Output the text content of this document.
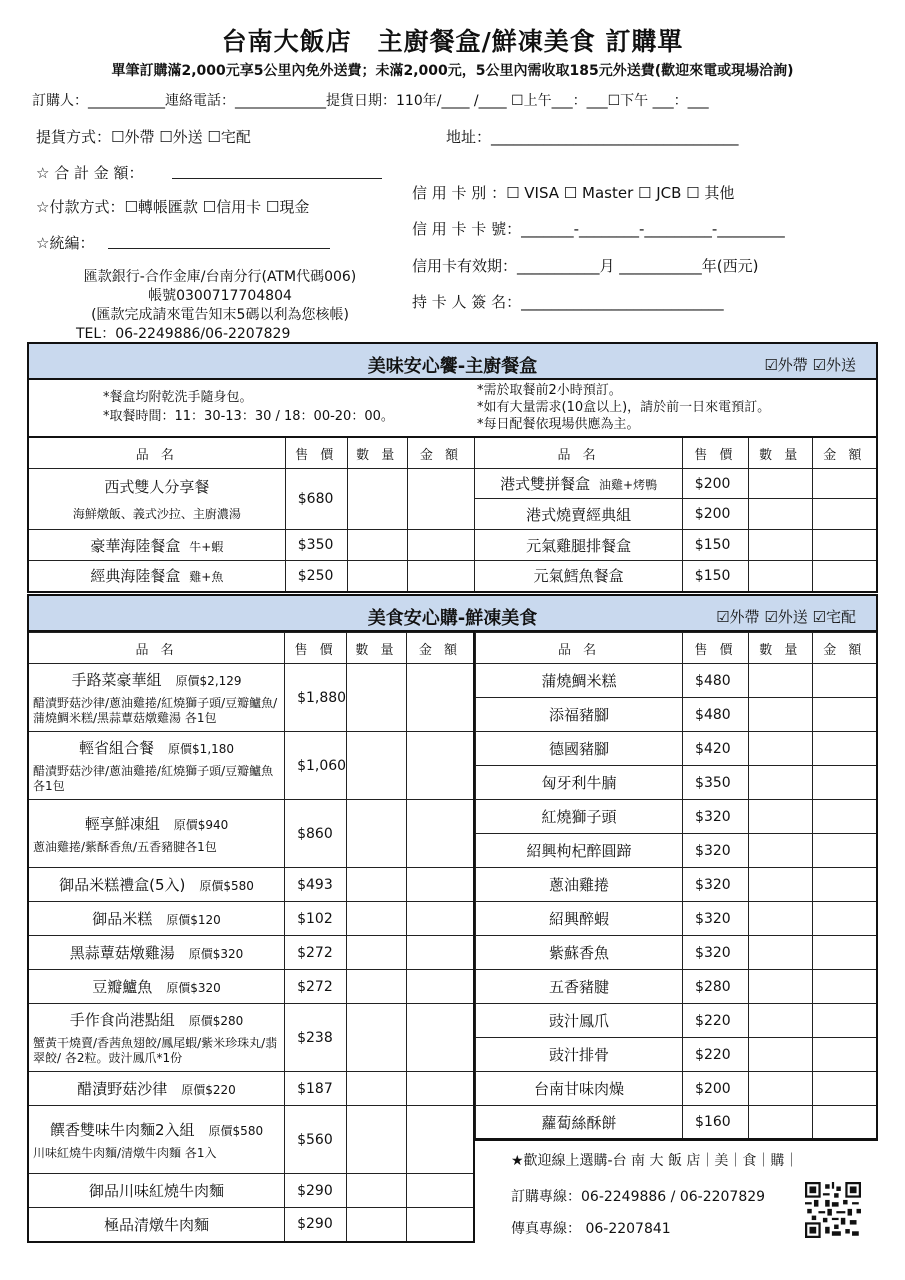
台南大飯店　主廚餐盒/鮮凍美食 訂購單
單筆訂購滿2,000元享5公里內免外送費；未滿2,000元，5公里內需收取185元外送費(歡迎來電或現場洽詢)
訂購人：___________連絡電話：_____________提貨日期：110年/____ /____ ☐上午___：___☐下午 ___：___
提貨方式：☐外帶 ☐外送 ☐宅配	地址：_________________________________
☆ 合 計 金 額：
☆付款方式：☐轉帳匯款 ☐信用卡 ☐現金
☆統編：
信 用 卡 別 ：☐ VISA ☐ Master ☐ JCB ☐ 其他
信 用 卡 卡 號：_______-________-_________-_________
信用卡有效期：___________月 ___________年(西元)
持 卡 人 簽 名：___________________________
匯款銀行-合作金庫/台南分行(ATM代碼006)
帳號0300717704804
(匯款完成請來電告知末5碼以利為您核帳)
TEL：06-2249886/06-2207829
美味安心饗-主廚餐盒	☑外帶 ☑外送
*餐盒均附乾洗手隨身包。
*取餐時間：11：30-13：30 / 18：00-20：00。
*需於取餐前2小時預訂。
*如有大量需求(10盒以上)，請於前一日來電預訂。
*每日配餐依現場供應為主。
品 名	售 價	數 量	金 額	品 名	售 價	數 量	金 額

西式雙人分享餐
海鮮燉飯、義式沙拉、主廚濃湯	$680			港式雙拼餐盒 油雞+烤鴨	$200		
				港式燒賣經典組	$200		
豪華海陸餐盒 牛+蝦	$350			元氣雞腿排餐盒	$150		
經典海陸餐盒 雞+魚	$250			元氣鱈魚餐盒	$150		
美食安心購-鮮凍美食	☑外帶 ☑外送 ☑宅配
品 名	售 價	數 量	金 額

手路菜豪華組 原價$2,129
醋漬野菇沙律/蔥油雞捲/紅燒獅子頭/豆瓣鱸魚/蒲燒鯛米糕/黑蒜蕈菇燉雞湯 各1包	$1,880		

輕省組合餐 原價$1,180
醋漬野菇沙律/蔥油雞捲/紅燒獅子頭/豆瓣鱸魚 各1包	$1,060		

輕享鮮凍組 原價$940
蔥油雞捲/紫酥香魚/五香豬腱各1包	$860		

御品米糕禮盒(5入) 原價$580	$493		

御品米糕 原價$120	$102		

黑蒜蕈菇燉雞湯 原價$320	$272		

豆瓣鱸魚 原價$320	$272		

手作食尚港點組 原價$280
蟹黃干燒賣/香茜魚翅餃/鳳尾蝦/紫米珍珠丸/翡翠餃/ 各2粒。豉汁鳳爪*1份	$238		

醋漬野菇沙律 原價$220	$187		

饌香雙味牛肉麵2入組 原價$580
川味紅燒牛肉麵/清燉牛肉麵 各1入	$560		

御品川味紅燒牛肉麵	$290		

極品清燉牛肉麵	$290		
品 名	售 價	數 量	金 額
蒲燒鯛米糕	$480		
添福豬腳	$480		
德國豬腳	$420		
匈牙利牛腩	$350		
紅燒獅子頭	$320		
紹興枸杞醉圓蹄	$320		
蔥油雞捲	$320		
紹興醉蝦	$320		
紫蘇香魚	$320		
五香豬腱	$280		
豉汁鳳爪	$220		
豉汁排骨	$220		
台南甘味肉燥	$200		
蘿蔔絲酥餅	$160		
★歡迎線上選購-台 南 大 飯 店｜美｜食｜購｜
訂購專線：06-2249886 / 06-2207829
傳真專線： 06-2207841
